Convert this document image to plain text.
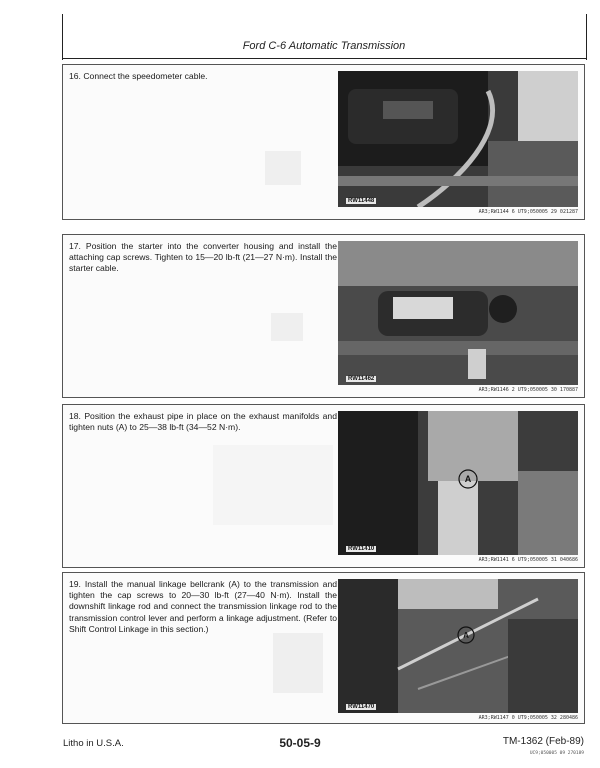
Ford C-6 Automatic Transmission
16. Connect the speedometer cable.
RW11448
AR3;RW1144 6 UT9;050005 29 021287
17. Position the starter into the converter housing and install the attaching cap screws. Tighten to 15—20 lb-ft (21—27 N·m). Install the starter cable.
RW11462
AR3;RW1146 2 UT9;050005 30 170887
18. Position the exhaust pipe in place on the exhaust manifolds and tighten nuts (A) to 25—38 lb-ft (34—52 N·m).
A
RW11410
AR3;RW1141 6 UT9;050005 31 040686
19. Install the manual linkage bellcrank (A) to the transmission and tighten the cap screws to 20—30 lb-ft (27—40 N·m). Install the downshift linkage rod and connect the transmission linkage rod to the transmission control lever and perform a linkage adjustment. (Refer to Shift Control Linkage in this section.)
A
RW11470
AR3;RW1147 0 UT9;050005 32 280486
Litho in U.S.A.	50-05-9	TM-1362 (Feb-89)
UC9;050005 09 270189
